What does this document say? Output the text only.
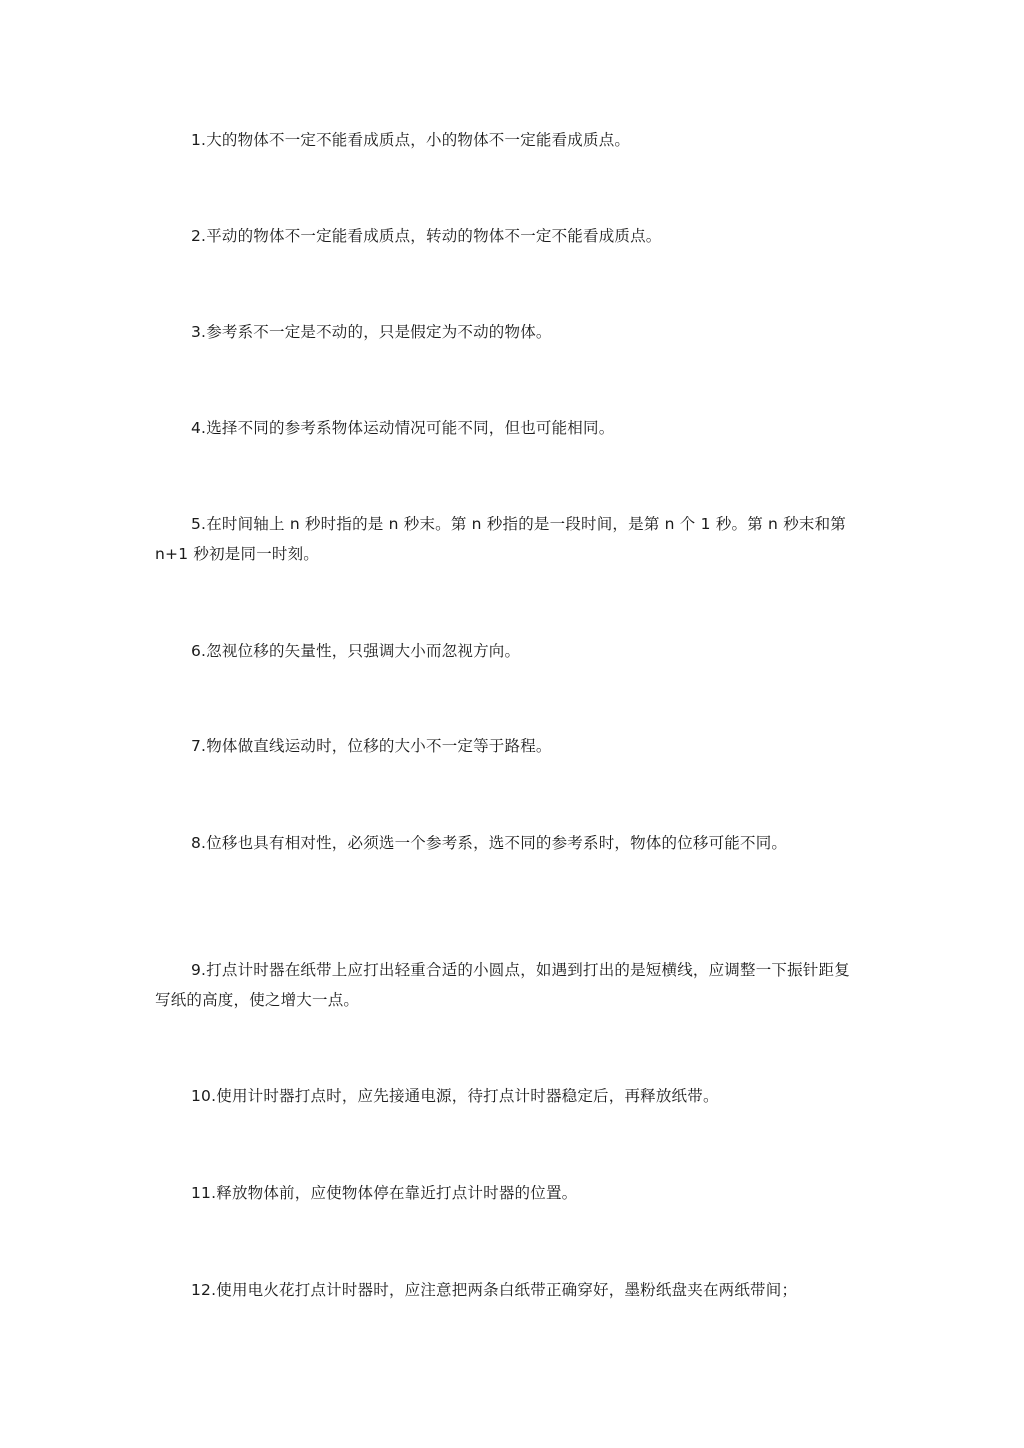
1.大的物体不一定不能看成质点，小的物体不一定能看成质点。

2.平动的物体不一定能看成质点，转动的物体不一定不能看成质点。

3.参考系不一定是不动的，只是假定为不动的物体。

4.选择不同的参考系物体运动情况可能不同，但也可能相同。

5.在时间轴上 n 秒时指的是 n 秒末。第 n 秒指的是一段时间，是第 n 个 1 秒。第 n 秒末和第 n+1 秒初是同一时刻。

6.忽视位移的矢量性，只强调大小而忽视方向。

7.物体做直线运动时，位移的大小不一定等于路程。

8.位移也具有相对性，必须选一个参考系，选不同的参考系时，物体的位移可能不同。

9.打点计时器在纸带上应打出轻重合适的小圆点，如遇到打出的是短横线，应调整一下振针距复写纸的高度，使之增大一点。

10.使用计时器打点时，应先接通电源，待打点计时器稳定后，再释放纸带。

11.释放物体前，应使物体停在靠近打点计时器的位置。

12.使用电火花打点计时器时，应注意把两条白纸带正确穿好，墨粉纸盘夹在两纸带间；
